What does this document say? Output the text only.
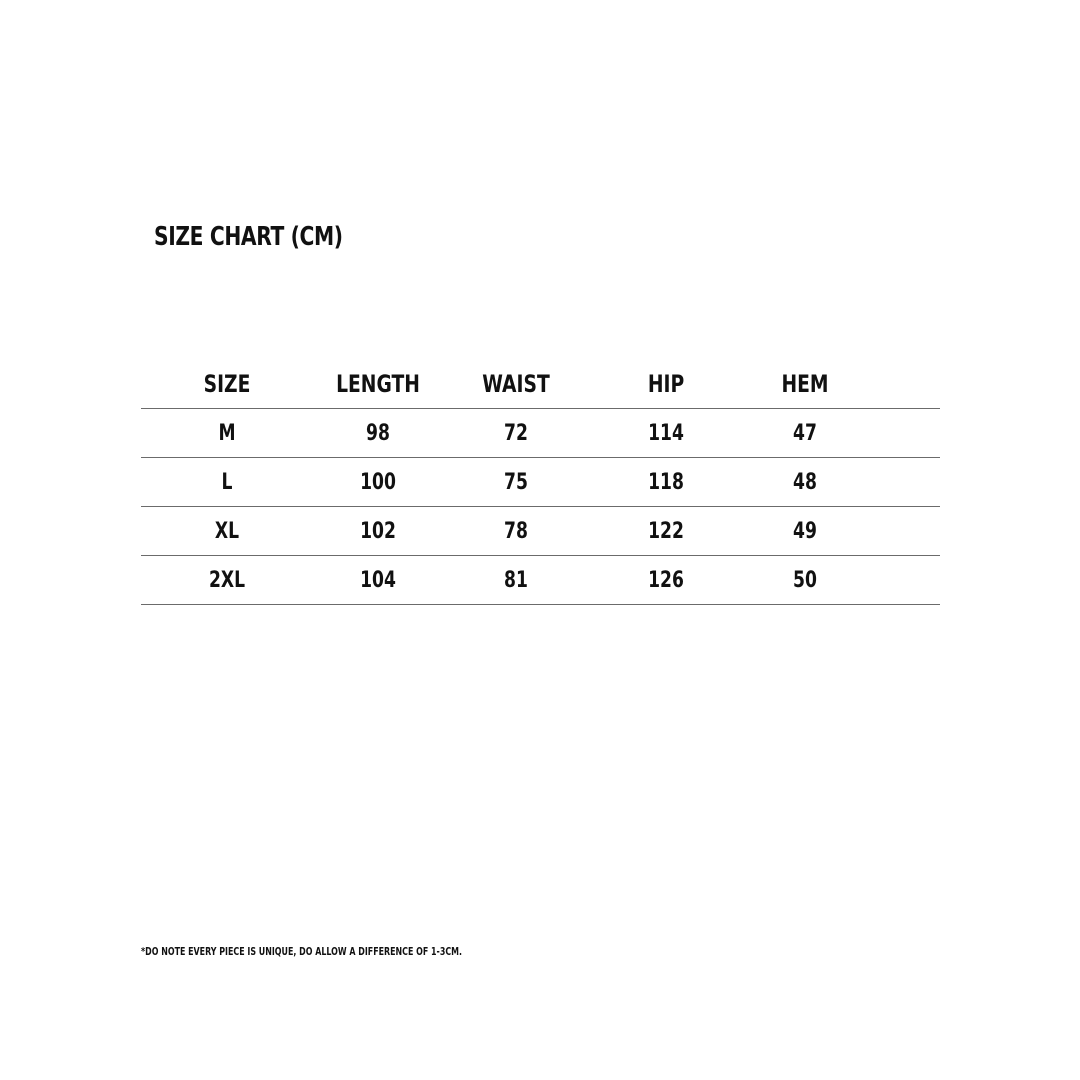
SIZE CHART (CM)
SIZE	LENGTH	WAIST	HIP	HEM
M	98	72	114	47
L	100	75	118	48
XL	102	78	122	49
2XL	104	81	126	50
*DO NOTE EVERY PIECE IS UNIQUE, DO ALLOW A DIFFERENCE OF 1-3CM.
